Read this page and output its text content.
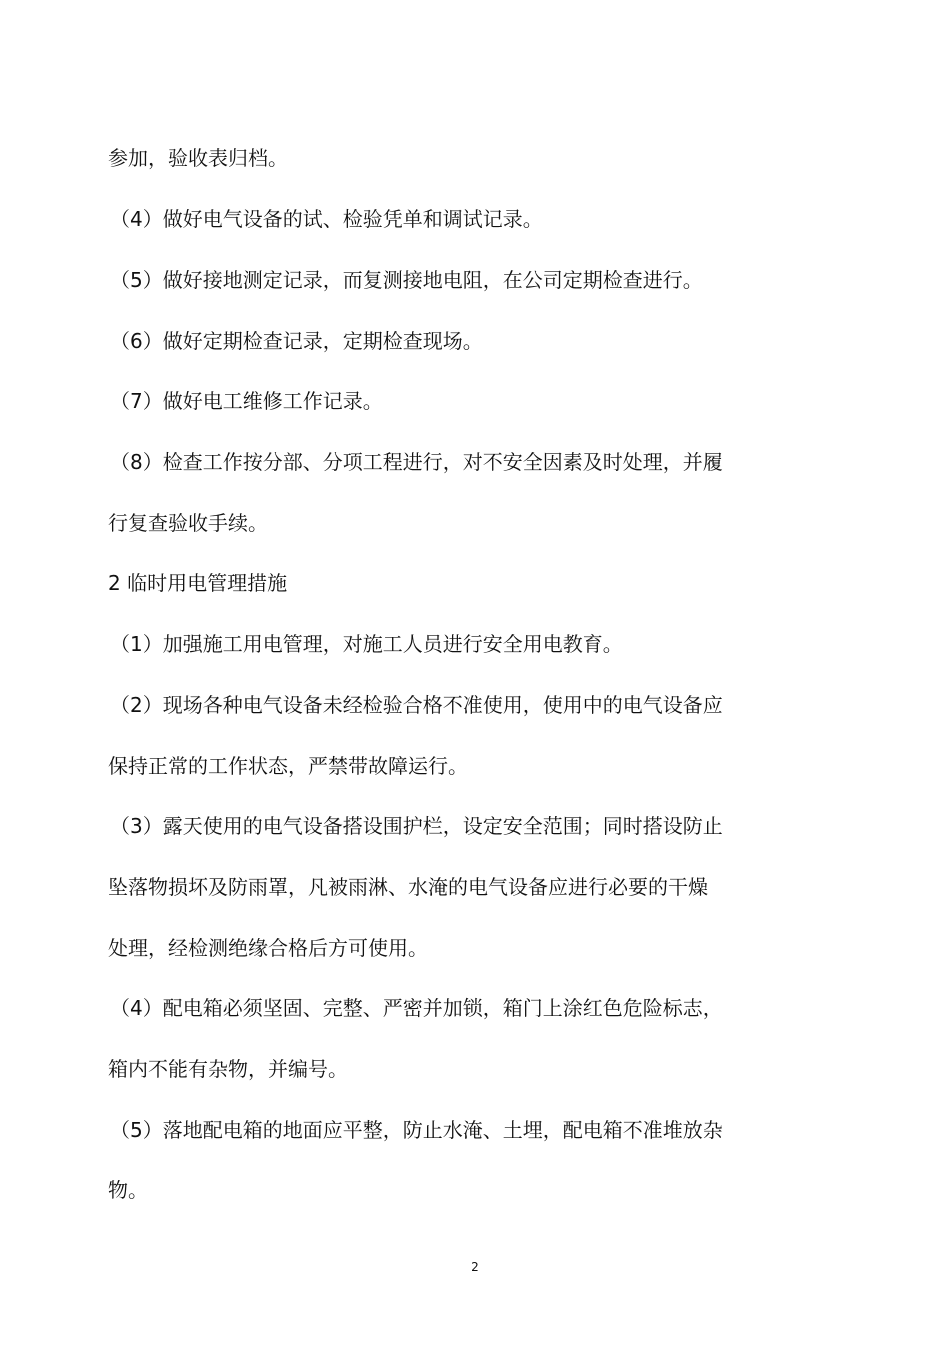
参加，验收表归档。
（4）做好电气设备的试、检验凭单和调试记录。
（5）做好接地测定记录，而复测接地电阻，在公司定期检查进行。
（6）做好定期检查记录，定期检查现场。
（7）做好电工维修工作记录。
（8）检查工作按分部、分项工程进行，对不安全因素及时处理，并履
行复查验收手续。
2 临时用电管理措施
（1）加强施工用电管理，对施工人员进行安全用电教育。
（2）现场各种电气设备未经检验合格不准使用，使用中的电气设备应
保持正常的工作状态，严禁带故障运行。
（3）露天使用的电气设备搭设围护栏，设定安全范围；同时搭设防止
坠落物损坏及防雨罩，凡被雨淋、水淹的电气设备应进行必要的干燥
处理，经检测绝缘合格后方可使用。
（4）配电箱必须坚固、完整、严密并加锁，箱门上涂红色危险标志，
箱内不能有杂物，并编号。
（5）落地配电箱的地面应平整，防止水淹、土埋，配电箱不准堆放杂
物。
2
